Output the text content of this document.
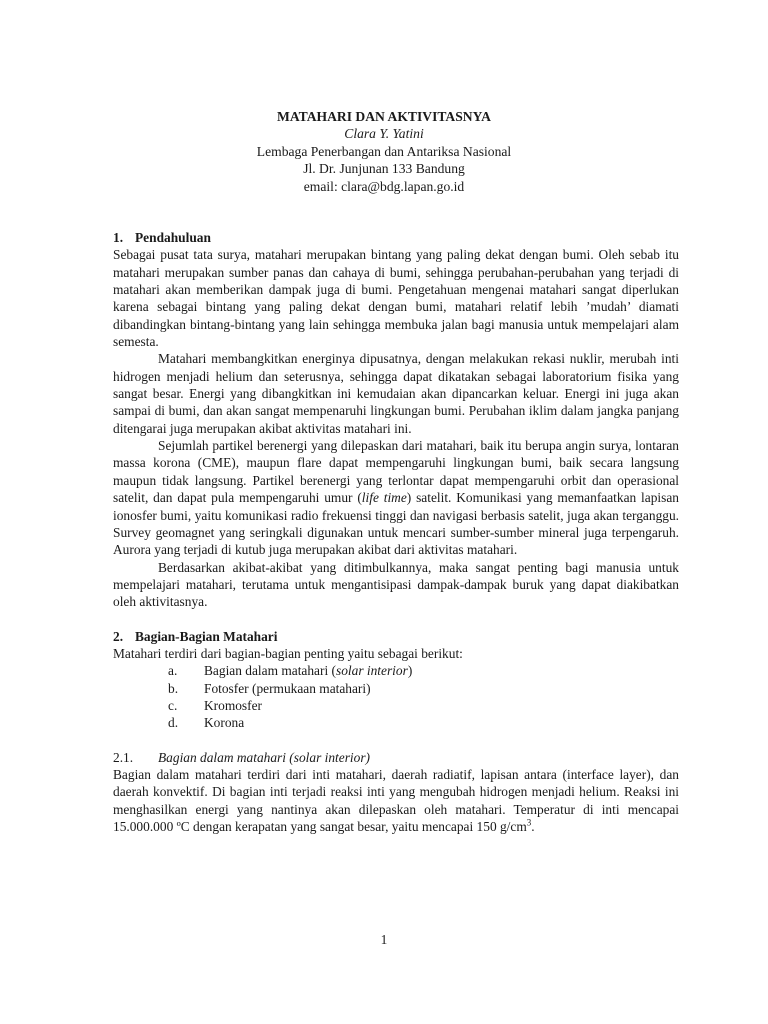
MATAHARI DAN AKTIVITASNYA
Clara Y. Yatini
Lembaga Penerbangan dan Antariksa Nasional
Jl. Dr. Junjunan 133 Bandung
email: clara@bdg.lapan.go.id
1. Pendahuluan

Sebagai pusat tata surya, matahari merupakan bintang yang paling dekat dengan bumi. Oleh sebab itu matahari merupakan sumber panas dan cahaya di bumi, sehingga perubahan-perubahan yang terjadi di matahari akan memberikan dampak juga di bumi. Pengetahuan mengenai matahari sangat diperlukan karena sebagai bintang yang paling dekat dengan bumi, matahari relatif lebih ’mudah’ diamati dibandingkan bintang-bintang yang lain sehingga membuka jalan bagi manusia untuk mempelajari alam semesta.

Matahari membangkitkan energinya dipusatnya, dengan melakukan rekasi nuklir, merubah inti hidrogen menjadi helium dan seterusnya, sehingga dapat dikatakan sebagai laboratorium fisika yang sangat besar. Energi yang dibangkitkan ini kemudaian akan dipancarkan keluar. Energi ini juga akan sampai di bumi, dan akan sangat mempenaruhi lingkungan bumi. Perubahan iklim dalam jangka panjang ditengarai juga merupakan akibat aktivitas matahari ini.

Sejumlah partikel berenergi yang dilepaskan dari matahari, baik itu berupa angin surya, lontaran massa korona (CME), maupun flare dapat mempengaruhi lingkungan bumi, baik secara langsung maupun tidak langsung. Partikel berenergi yang terlontar dapat mempengaruhi orbit dan operasional satelit, dan dapat pula mempengaruhi umur (life time) satelit. Komunikasi yang memanfaatkan lapisan ionosfer bumi, yaitu komunikasi radio frekuensi tinggi dan navigasi berbasis satelit, juga akan terganggu. Survey geomagnet yang seringkali digunakan untuk mencari sumber-sumber mineral juga terpengaruh. Aurora yang terjadi di kutub juga merupakan akibat dari aktivitas matahari.

Berdasarkan akibat-akibat yang ditimbulkannya, maka sangat penting bagi manusia untuk mempelajari matahari, terutama untuk mengantisipasi dampak-dampak buruk yang dapat diakibatkan oleh aktivitasnya.

2. Bagian-Bagian Matahari

Matahari terdiri dari bagian-bagian penting yaitu sebagai berikut:

a.	Bagian dalam matahari (solar interior)
b.	Fotosfer (permukaan matahari)
c.	Kromosfer
d.	Korona
2.1.	Bagian dalam matahari (solar interior)

Bagian dalam matahari terdiri dari inti matahari, daerah radiatif, lapisan antara (interface layer), dan daerah konvektif. Di bagian inti terjadi reaksi inti yang mengubah hidrogen menjadi helium. Reaksi ini menghasilkan energi yang nantinya akan dilepaskan oleh matahari. Temperatur di inti mencapai 15.000.000 ºC dengan kerapatan yang sangat besar, yaitu mencapai 150 $g/cm^3$.

1
